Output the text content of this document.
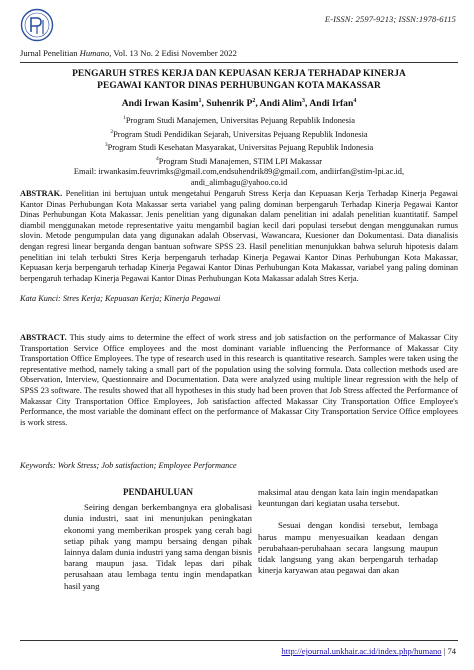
E-ISSN: 2597-9213; ISSN:1978-6115
Jurnal Penelitian Humano, Vol. 13 No. 2 Edisi November 2022
PENGARUH STRES KERJA DAN KEPUASAN KERJA TERHADAP KINERJA
PEGAWAI KANTOR DINAS PERHUBUNGAN KOTA MAKASSAR
Andi Irwan Kasim$^1$, Suhenrik $P^2$, Andi Alim$^3$, Andi Irfan$^4$
$^1$Program Studi Manajemen, Universitas Pejuang Republik Indonesia
$^2$Program Studi Pendidikan Sejarah, Universitas Pejuang Republik Indonesia
$^3$Program Studi Kesehatan Masyarakat, Universitas Pejuang Republik Indonesia
$^4$Program Studi Manajemen, STIM LPI Makassar
Email: irwankasim.feuvrimks@gmail.com,endsuhendrik89@gmail.com, andiirfan@stim-lpi.ac.id,
andi_alimbagu@yahoo.co.id
ABSTRAK. Penelitian ini bertujuan untuk mengetahui Pengaruh Stress Kerja dan Kepuasan Kerja Terhadap Kinerja Pegawai Kantor Dinas Perhubungan Kota Makassar serta variabel yang paling dominan berpengaruh Terhadap Kinerja Pegawai Kantor Dinas Perhubungan Kota Makassar. Jenis penelitian yang digunakan dalam penelitian ini adalah penelitian kuantitatif. Sampel diambil menggunakan metode representative yaitu mengambil bagian kecil dari populasi tersebut dengan menggunakan rumus slovin. Metode pengumpulan data yang digunakan adalah Observasi, Wawancara, Kuesioner dan Dokumentasi. Data dianalisis dengan regresi linear berganda dengan bantuan software SPSS 23. Hasil penelitian menunjukkan bahwa seluruh hipotesis dalam penelitian ini telah terbukti Stres Kerja berpengaruh terhadap Kinerja Pegawai Kantor Dinas Perhubungan Kota Makassar, Kepuasan kerja berpengaruh terhadap Kinerja Pegawai Kantor Dinas Perhubungan Kota Makassar, variabel yang paling dominan berpengaruh terhadap Kinerja Pegawai Kantor Dinas Perhubungan Kota Makassar adalah Stres Kerja.
Kata Kunci: Stres Kerja; Kepuasan Kerja; Kinerja Pegawai
ABSTRACT. This study aims to determine the effect of work stress and job satisfaction on the performance of Makassar City Transportation Service Office employees and the most dominant variable influencing the Performance of Makassar City Transportation Office Employees. The type of research used in this research is quantitative research. Samples were taken using the representative method, namely taking a small part of the population using the solving formula. Data collection methods used are Observation, Interview, Questionnaire and Documentation. Data were analyzed using multiple linear regression with the help of SPSS 23 software. The results showed that all hypotheses in this study had been proven that Job Stress affected the Performance of Makassar City Transportation Office Employees, Job satisfaction affected Makassar City Transportation Office Employee's Performance, the most variable the dominant effect on the performance of Makassar City Transportation Service Office employees is work stress.
Keywords: Work Stress; Job satisfaction; Employee Performance
PENDAHULUAN

Seiring dengan berkembangnya era globalisasi dunia industri, saat ini menunjukan peningkatan ekonomi yang memberikan prospek yang cerah bagi setiap pihak yang mampu bersaing dengan pihak lainnya dalam dunia industri yang sama dengan bisnis barang maupun jasa. Tidak lepas dari pihak perusahaan atau lembaga tentu ingin mendapatkan hasil yang

maksimal atau dengan kata lain ingin mendapatkan keuntungan dari kegiatan usaha tersebut.

Sesuai dengan kondisi tersebut, lembaga harus mampu menyesuaikan keadaan dengan perubahaan-perubahaan secara langsung maupun tidak langsung yang akan berpengaruh terhadap kinerja karyawan atau pegawai dan akan

http://ejournal.unkhair.ac.id/index.php/humano | 74
